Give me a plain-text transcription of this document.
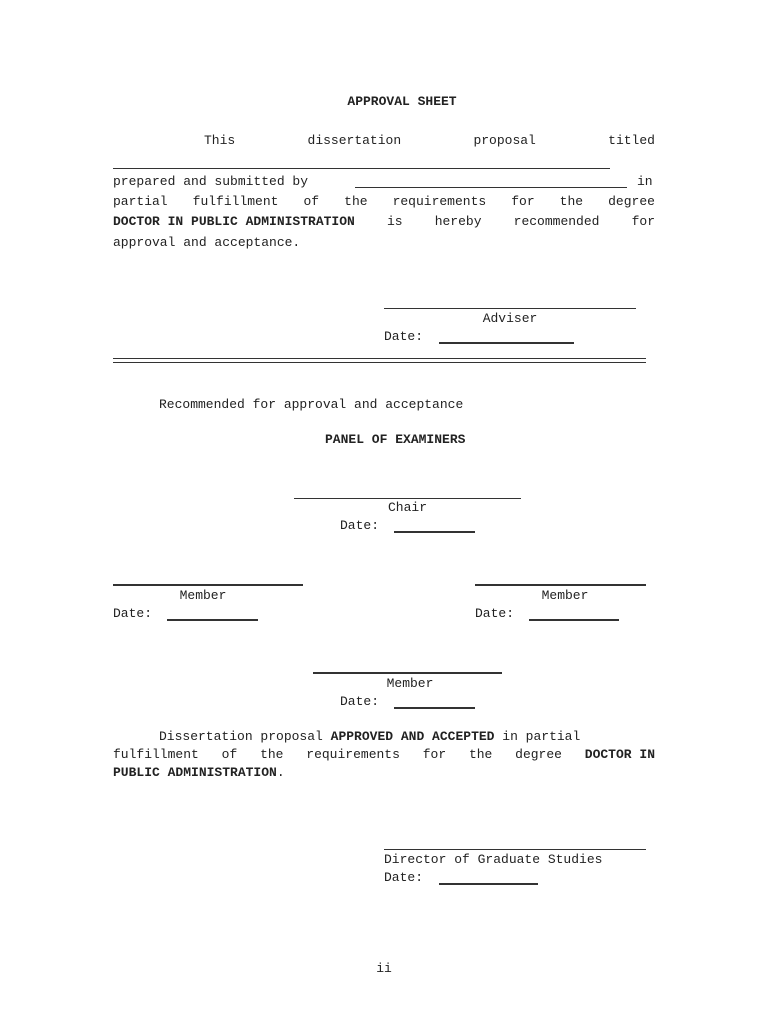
APPROVAL SHEET
This	dissertation	proposal	titled
prepared and submitted by	in
partial fulfillment of the requirements for the degree
DOCTOR IN PUBLIC ADMINISTRATION is hereby recommended for
approval and acceptance.
Adviser
Date:
Recommended for approval and acceptance
PANEL OF EXAMINERS
Chair
Date:
Member
Date:
Member
Date:
Member
Date:
Dissertation proposal APPROVED AND ACCEPTED in partial
fulfillment of the requirements for the degree DOCTOR IN
PUBLIC ADMINISTRATION.
Director of Graduate Studies
Date:
ii
